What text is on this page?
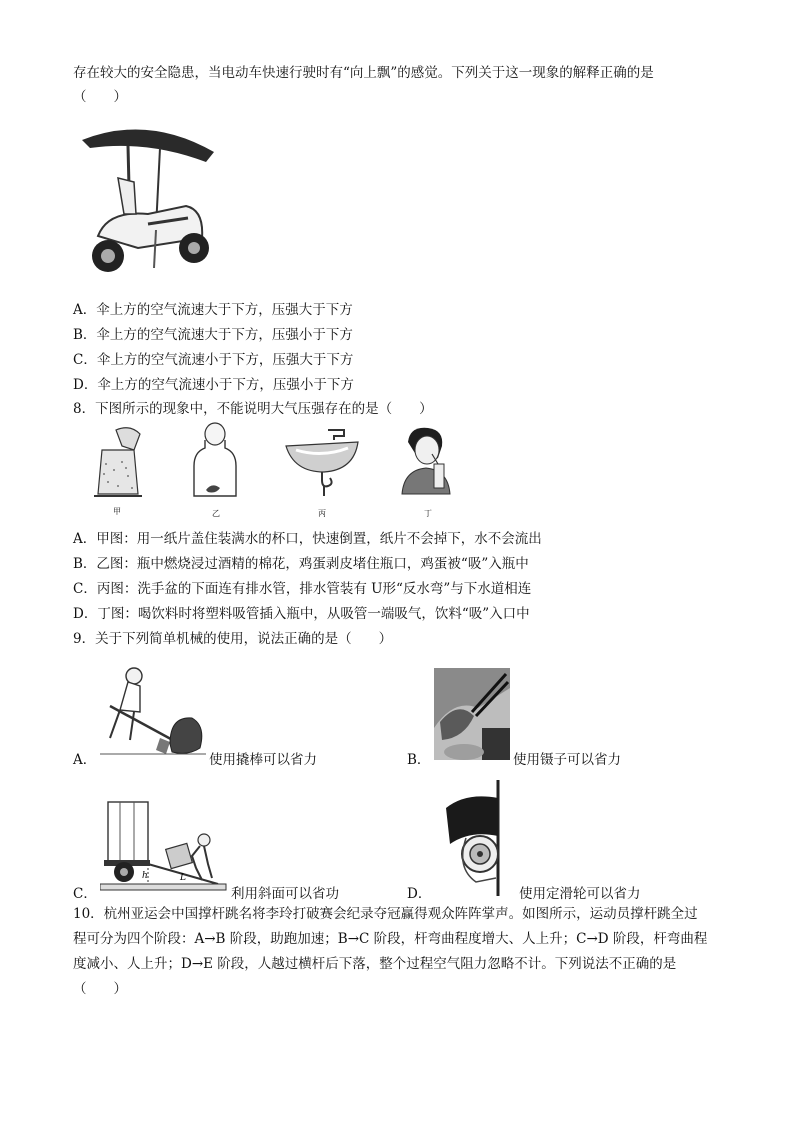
存在较大的安全隐患，当电动车快速行驶时有“向上飘”的感觉。下列关于这一现象的解释正确的是
（　　）
A．伞上方的空气流速大于下方，压强大于下方
B．伞上方的空气流速大于下方，压强小于下方
C．伞上方的空气流速小于下方，压强大于下方
D．伞上方的空气流速小于下方，压强小于下方
8．下图所示的现象中，不能说明大气压强存在的是（　　）
甲	乙	丙	丁
A．甲图：用一纸片盖住装满水的杯口，快速倒置，纸片不会掉下，水不会流出
B．乙图：瓶中燃烧浸过酒精的棉花，鸡蛋剥皮堵住瓶口，鸡蛋被“吸”入瓶中
C．丙图：洗手盆的下面连有排水管，排水管装有 U形“反水弯”与下水道相连
D．丁图：喝饮料时将塑料吸管插入瓶中，从吸管一端吸气，饮料“吸”入口中
9．关于下列简单机械的使用，说法正确的是（　　）
A．	使用撬棒可以省力	B．	使用镊子可以省力
C．
h	L
利用斜面可以省功	D．	使用定滑轮可以省力
10．杭州亚运会中国撑杆跳名将李玲打破赛会纪录夺冠赢得观众阵阵掌声。如图所示，运动员撑杆跳全过
程可分为四个阶段：A→B 阶段，助跑加速；B→C 阶段，杆弯曲程度增大、人上升；C→D 阶段，杆弯曲程
度减小、人上升；D→E 阶段，人越过横杆后下落，整个过程空气阻力忽略不计。下列说法不正确的是
（　　）
